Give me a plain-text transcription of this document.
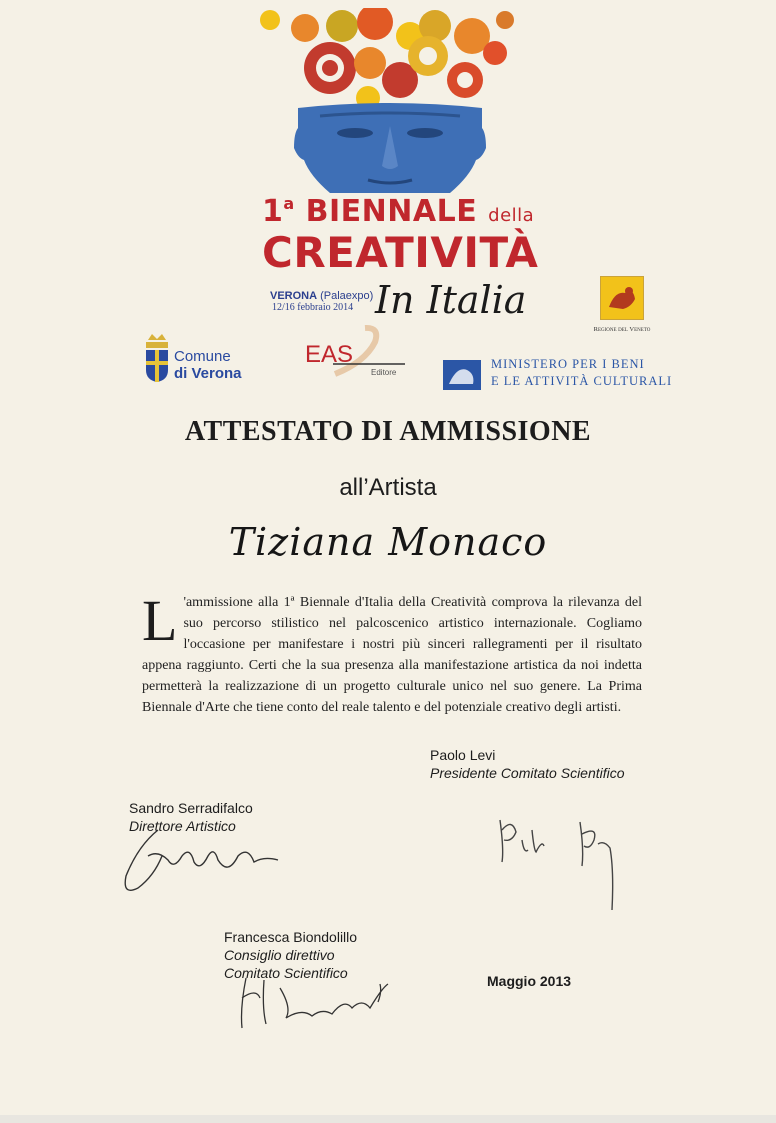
1$^a$ BIENNALE della
CREATIVITÀ
VERONA (Palaexpo)
12/16 febbraio 2014 In Italia
Regione del Veneto
Comune
di Verona
EAS
Editore
MINISTERO PER I BENI
E LE ATTIVITÀ CULTURALI
ATTESTATO DI AMMISSIONE
all’Artista
Tiziana Monaco
L 'ammissione alla 1ª Biennale d'Italia della Creatività comprova la rilevanza del suo percorso stilistico nel palcoscenico artistico internazionale. Cogliamo l'occasione per manifestare i nostri più sinceri rallegramenti per il risultato appena raggiunto. Certi che la sua presenza alla manifestazione artistica da noi indetta permetterà la realizzazione di un progetto culturale unico nel suo genere. La Prima Biennale d'Arte che tiene conto del reale talento e del potenziale creativo degli artisti.
Paolo Levi
Presidente Comitato Scientifico
Sandro Serradifalco
Direttore Artistico
Francesca Biondolillo
Consiglio direttivo
Comitato Scientifico	Maggio 2013
